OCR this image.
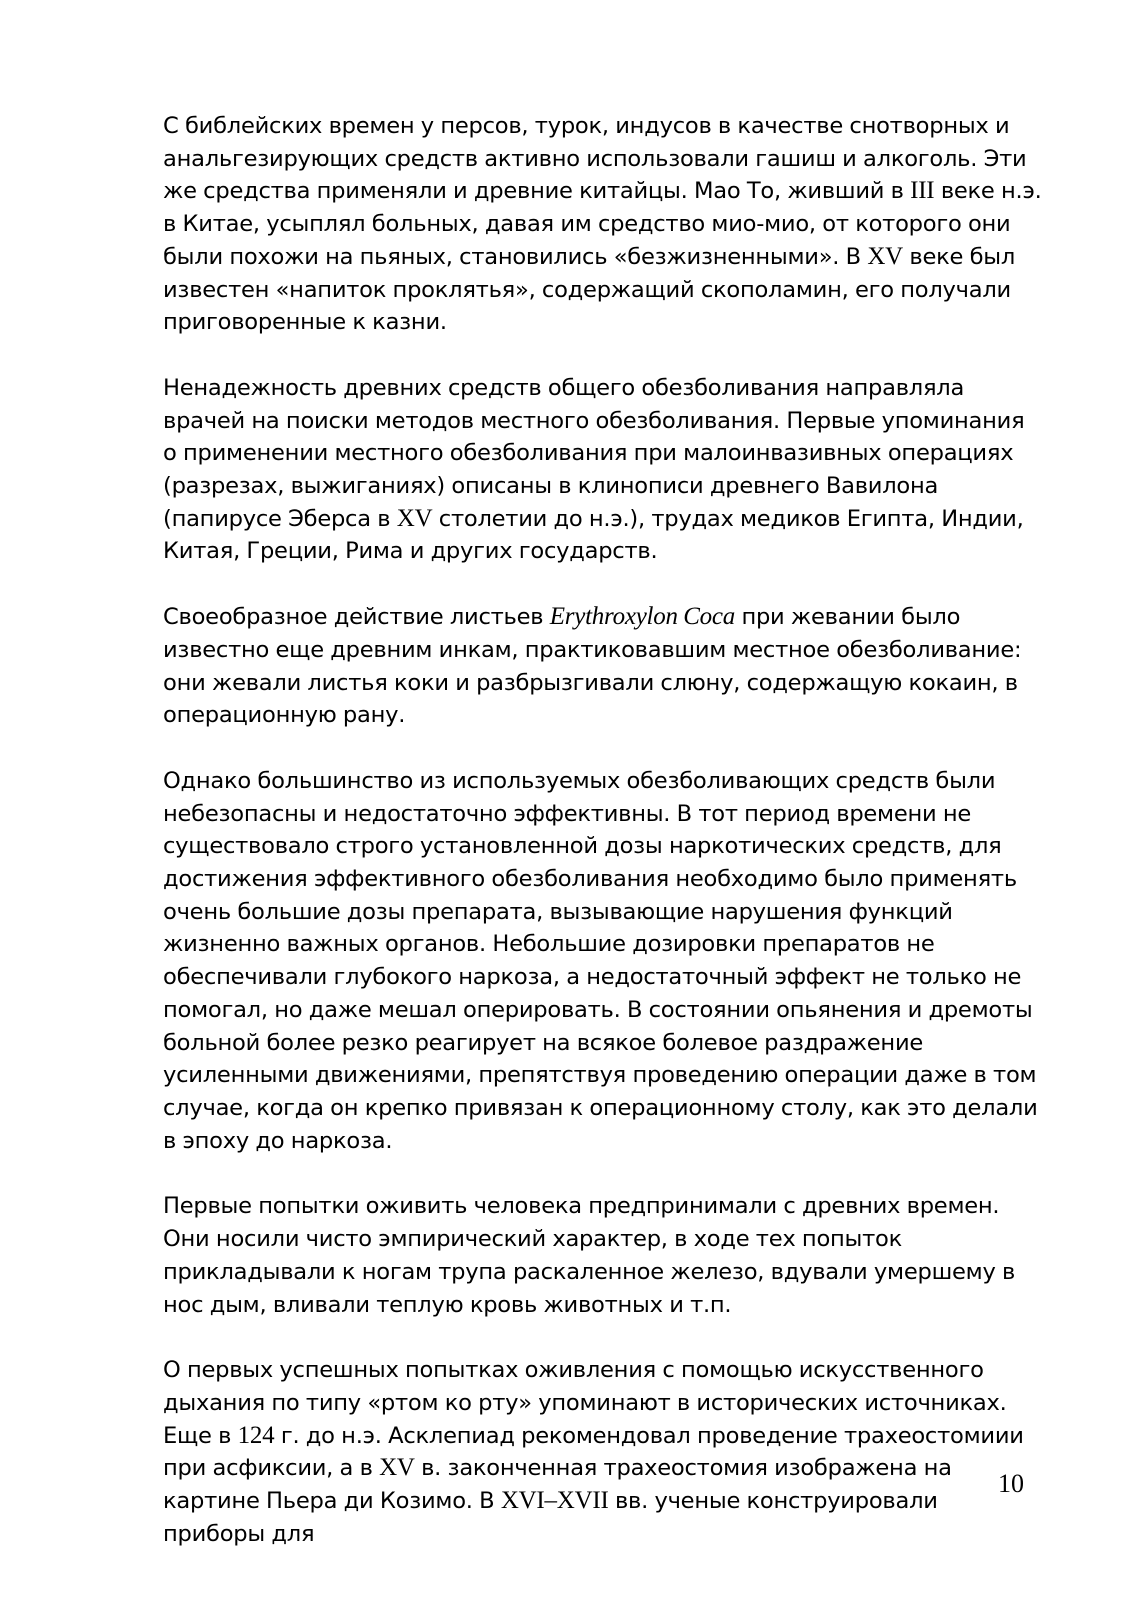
С библейских времен у персов, турок, индусов в качестве снотворных и анальгезирующих средств активно использовали гашиш и алкоголь. Эти же средства применяли и древние китайцы. Мао То, живший в III веке н.э. в Китае, усыплял больных, давая им средство мио-мио, от которого они были похожи на пьяных, становились «безжизненными». В XV веке был известен «напиток проклятья», содержащий скополамин, его получали приговоренные к казни.

Ненадежность древних средств общего обезболивания направляла врачей на поиски методов местного обезболивания. Первые упоминания о применении местного обезболивания при малоинвазивных операциях (разрезах, выжиганиях) описаны в клинописи древнего Вавилона (папирусе Эберса в XV столетии до н.э.), трудах медиков Египта, Индии, Китая, Греции, Рима и других государств.

Своеобразное действие листьев Erythroxylon Coca при жевании было известно еще древним инкам, практиковавшим местное обезболивание: они жевали листья коки и разбрызгивали слюну, содержащую кокаин, в операционную рану.

Однако большинство из используемых обезболивающих средств были небезопасны и недостаточно эффективны. В тот период времени не существовало строго установленной дозы наркотических средств, для достижения эффективного обезболивания необходимо было применять очень большие дозы препарата, вызывающие нарушения функций жизненно важных органов. Небольшие дозировки препаратов не обеспечивали глубокого наркоза, а недостаточный эффект не только не помогал, но даже мешал оперировать. В состоянии опьянения и дремоты больной более резко реагирует на всякое болевое раздражение усиленными движениями, препятствуя проведению операции даже в том случае, когда он крепко привязан к операционному столу, как это делали в эпоху до наркоза.

Первые попытки оживить человека предпринимали с древних времен. Они носили чисто эмпирический характер, в ходе тех попыток прикладывали к ногам трупа раскаленное железо, вдували умершему в нос дым, вливали теплую кровь животных и т.п.

О первых успешных попытках оживления с помощью искусственного дыхания по типу «ртом ко рту» упоминают в исторических источниках. Еще в 124 г. до н.э. Асклепиад рекомендовал проведение трахеостомиии при асфиксии, а в XV в. законченная трахеостомия изображена на картине Пьера ди Козимо. В XVI–XVII вв. ученые конструировали приборы для

10
